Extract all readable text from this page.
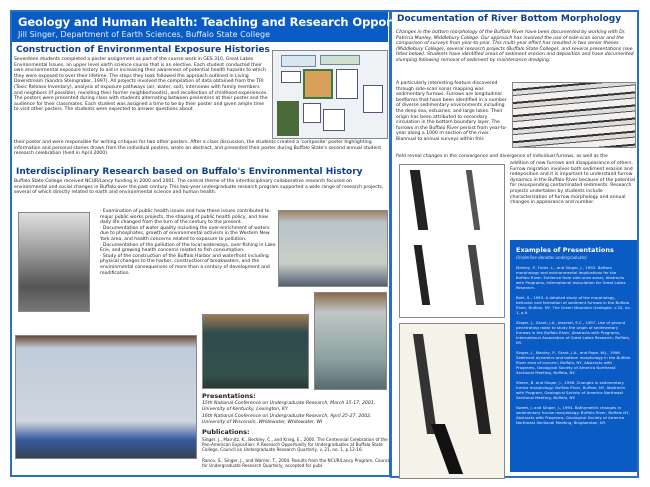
Geology and Human Health: Teaching and Research Opportunities
Jill Singer, Department of Earth Sciences, Buffalo State College
Construction of Environmental Exposure Histories
Seventeen students completed a poster assignment as part of the course work in GES 310, Great Lakes Environmental Issues, an upper level earth science course that is an elective. Each student conducted their own environmental exposure history to aid in increasing their awareness of potential health hazards to which they were exposed to over their lifetime. The steps they took followed the approach outlined in Living Downstream (Sandra Steingraber, 1997). All projects involved the compilation of data obtained from the TRI (Toxic Release Inventory), analysis of exposure pathways (air, water, soil), interviews with family members and neighbors (if possible), revisiting their former neighborhood(s), and recollection of childhood experiences. The posters were presented during class with students alternating between presenters at their poster and the audience for their classmates. Each student was assigned a time to be by their poster and given ample time to visit other posters. The students were expected to answer questions about
their poster and were responsible for writing critiques for two other posters. After a class discussion, the students created a 'composite' poster highlighting information and personal stories drawn from the individual posters, wrote an abstract, and presented their poster during Buffalo State's second annual student research celebration (held in April 2000).
Interdisciplinary Research based on Buffalo's Environmental History
Buffalo State College received NCUR/Lancy funding in 2000 and 2001. The central theme of the interdisciplinary collaborative research focused on environmental and social changes in Buffalo over the past century. This two-year undergraduate research program supported a wide range of research projects, several of which directly related to earth and environmental science and human health.
· Examination of public health issues and how these issues contributed to major public works projects, the shaping of public health policy, and how daily life changed from the turn of the century to the present.
· Documentation of water quality including the over-enrichment of waters due to phosphates, growth of environmental activism in the Western New York area, and health concerns related to exposure to pollution.
· Documentation of the pollution of the local waterways, over-fishing in Lake Erie, and growing health concerns related to fish consumption.
· Study of the construction of the Buffalo Harbor and waterfront including physical changes to the harbor, construction of breakwaters, and the environmental consequences of more than a century of development and modification.
Presentations:
15th National Conference on Undergraduate Research, March 15-17, 2001, University of Kentucky, Lexington, KY
16th National Conference on Undergraduate Research, April 25-27, 2002, University of Wisconsin, Whitewater, Whitewater, WI
Publications:
Singer, J., Marnitz, K., Beckley, C., and Krieg, E., 2000. The Centennial Celebration of the Pan-American Exposition: A Research Opportunity for Undergraduates at Buffalo State College, Council on Undergraduate Research Quarterly, v. 21, no. 1, p.12-16.
Ranco, S., Singer, J., and Warner, T., 2004. Results from the NCUR/Lancy Program, Council for Undergraduate Research Quarterly, accepted for publ.
Documentation of River Bottom Morphology
Changes in the bottom morphology of the Buffalo River have been documented by working with Dr. Patricia Manley, Middlebury College. Our approach has involved the use of side-scan sonar and the comparison of surveys from year-to-year. This multi-year effort has resulted in two senior theses (Middlebury College), several research projects (Buffalo State College), and several presentations (see titles below). Students have identified areas of sediment erosion and deposition and have documented slumping following removal of sediment by maintenance dredging.
A particularly interesting feature discovered through side-scan sonar mapping was sedimentary furrows. Furrows are longitudinal bedforms that have been identified in a number of diverse sedimentary environments including the deep sea, estuaries, and large lakes. Their origin has been attributed to secondary circulation in the bottom boundary layer. The furrows in the Buffalo River persist from year-to-year along a 1000 m section of the river. Biannual to annual surveys within this
field reveal changes in the convergence and divergence of individual furrows, as well as the
addition of new furrows and disappearance of others. Furrow migration involves both sediment erosion and redeposition and it is important to understand furrow dynamics in the Buffalo River because of the potential for resuspending contaminated sediments. Research projects undertaken by students include characterization of furrow morphology and annual changes in appearance and number.
Examples of Presentations
(Underline denotes undergraduate)
Manley, P., Fuller, L., and Singer, J., 1992. Bottom morphology and environmental implications for the Buffalo River: Evidence from side-scan sonar, Abstracts with Programs, International Association for Great Lakes Research.
Rohl, S., 1993. A detailed study of the morphology, behavior and formation of sediment furrows in the Buffalo River, Buffalo, NY, The Green Mountain Geologist, v.20, no. 1, p.9.
Singer, J., Grant, J.A., Jezorski, E.C., 1997. Use of ground penetrating radar to study the origin of sedimentary furrows in the Buffalo River, Abstracts with Programs, International Association of Great Lakes Research, Buffalo, NY.
Singer, J., Manley, P., Grant, J.A., and Pope, W.J., 1996. Sediment dynamics and bottom morphology in the Buffalo River area of concern, Buffalo, NY, Abstracts with Programs, Geological Society of America Northeast Sectional Meeting, Buffalo, NY.
Sheen, B. and Singer, J., 1996. Changes in sedimentary furrow morphology: Buffalo River, Buffalo, NY, Abstracts with Program, Geological Society of America Northeast Sectional Meeting, Buffalo, NY.
Sweet, J. and Singer, J., 1994. Bathymetric changes in sedimentary furrow morphology: Buffalo River, Buffalo NY, Abstracts with Programs, Geological Society of America Northeast Sectional Meeting, Binghamton, NY.
